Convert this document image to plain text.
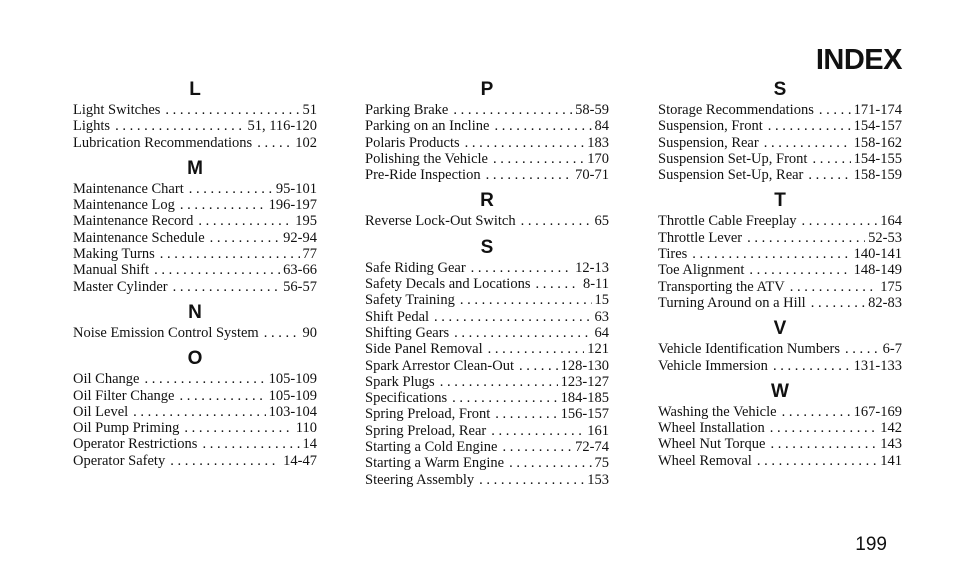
INDEX
L
Light Switches . . .	51
Lights . . .	51, 116-120
Lubrication Recommendations . . .	102
M
Maintenance Chart . . .	95-101
Maintenance Log . . .	196-197
Maintenance Record . . .	195
Maintenance Schedule . . .	92-94
Making Turns . . .	77
Manual Shift . . .	63-66
Master Cylinder . . .	56-57
N
Noise Emission Control System . . .	90
O
Oil Change . . .	105-109
Oil Filter Change . . .	105-109
Oil Level . . .	103-104
Oil Pump Priming . . .	110
Operator Restrictions . . .	14
Operator Safety . . .	14-47
P
Parking Brake . . .	58-59
Parking on an Incline . . .	84
Polaris Products . . .	183
Polishing the Vehicle . . .	170
Pre-Ride Inspection . . .	70-71
R
Reverse Lock-Out Switch . . .	65
S
Safe Riding Gear . . .	12-13
Safety Decals and Locations . . .	8-11
Safety Training . . .	15
Shift Pedal . . .	63
Shifting Gears . . .	64
Side Panel Removal . . .	121
Spark Arrestor Clean-Out . . .	128-130
Spark Plugs . . .	123-127
Specifications . . .	184-185
Spring Preload, Front . . .	156-157
Spring Preload, Rear . . .	161
Starting a Cold Engine . . .	72-74
Starting a Warm Engine . . .	75
Steering Assembly . . .	153
S
Storage Recommendations . . .	171-174
Suspension, Front . . .	154-157
Suspension, Rear . . .	158-162
Suspension Set-Up, Front . . .	154-155
Suspension Set-Up, Rear . . .	158-159
T
Throttle Cable Freeplay . . .	164
Throttle Lever . . .	52-53
Tires . . .	140-141
Toe Alignment . . .	148-149
Transporting the ATV . . .	175
Turning Around on a Hill . . .	82-83
V
Vehicle Identification Numbers . . .	6-7
Vehicle Immersion . . .	131-133
W
Washing the Vehicle . . .	167-169
Wheel Installation . . .	142
Wheel Nut Torque . . .	143
Wheel Removal . . .	141
199
